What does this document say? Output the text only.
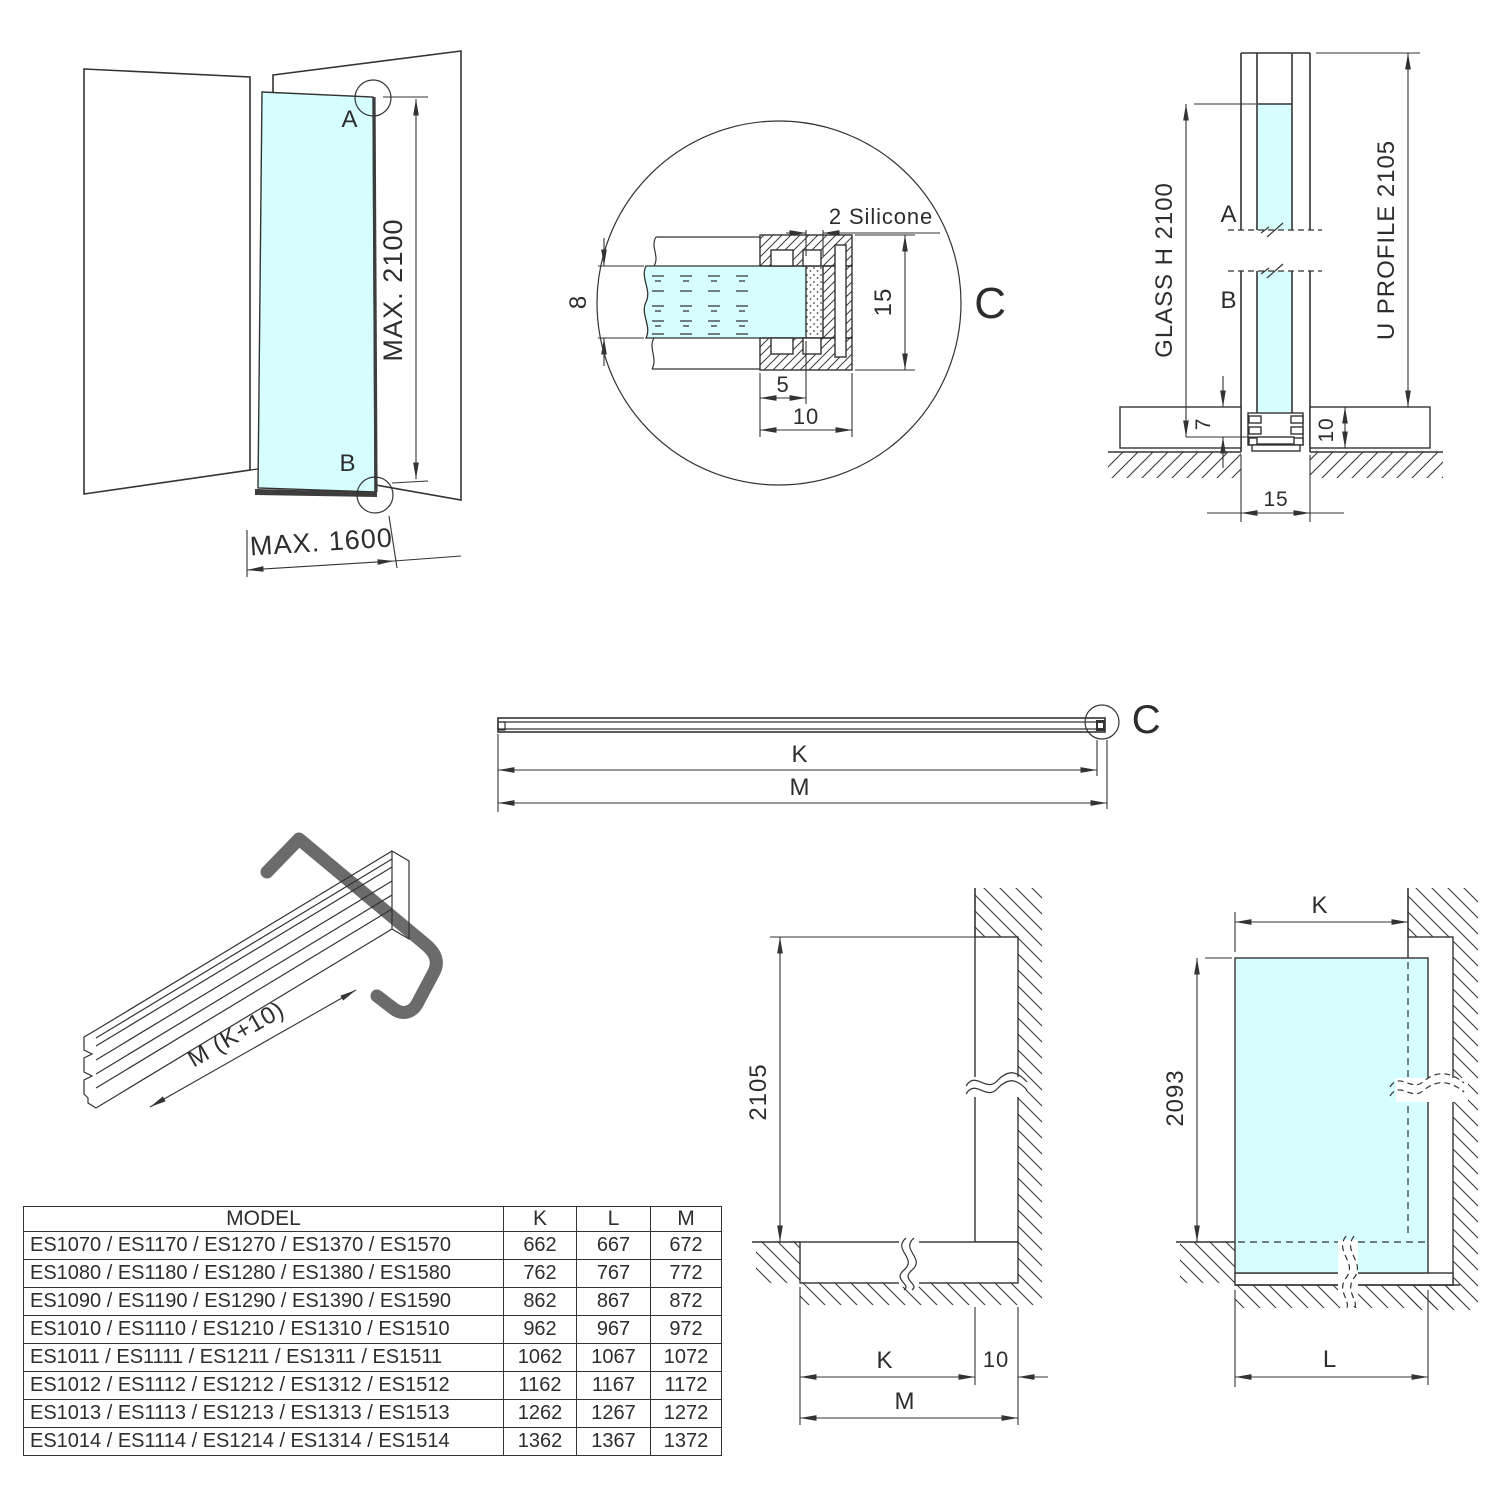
A
B
MAX. 2100
MAX. 1600
8	15
5
10
2 Silicone
C
A
B
GLASS H 2100	U PROFILE 2105
7	10
15
C
K
M
M (K+10)
2105
K	10
M
K
2093
L
MODEL	K	L	M
ES1070 / ES1170 / ES1270 / ES1370 / ES1570	662	667	672
ES1080 / ES1180 / ES1280 / ES1380 / ES1580	762	767	772
ES1090 / ES1190 / ES1290 / ES1390 / ES1590	862	867	872
ES1010 / ES1110 / ES1210 / ES1310 / ES1510	962	967	972
ES1011 / ES1111 / ES1211 / ES1311 / ES1511	1062	1067	1072
ES1012 / ES1112 / ES1212 / ES1312 / ES1512	1162	1167	1172
ES1013 / ES1113 / ES1213 / ES1313 / ES1513	1262	1267	1272
ES1014 / ES1114 / ES1214 / ES1314 / ES1514	1362	1367	1372
